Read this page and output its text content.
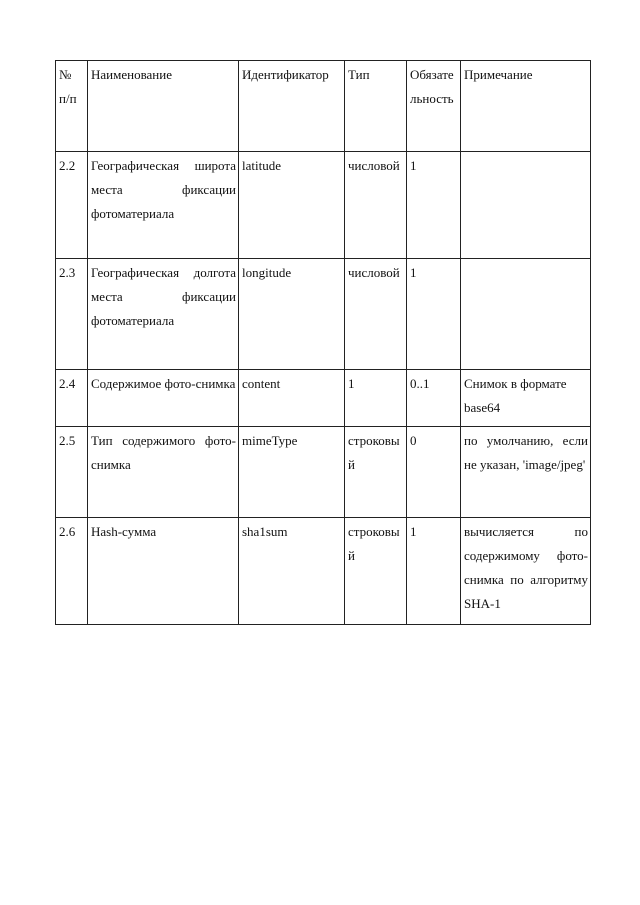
№ п/п	Наименование	Идентификатор	Тип	Обязательность	Примечание
2.2	Географическая широта места фиксации фотоматериала	latitude	числовой	1	
2.3	Географическая долгота места фиксации фотоматериала	longitude	числовой	1	
2.4	Содержимое фото-снимка	content	1	0..1	Снимок в формате base64
2.5	Тип содержимого фото-снимка	mimeType	строковый	0	по умолчанию, если не указан, 'image/jpeg'
2.6	Hash-сумма	sha1sum	строковый	1	вычисляется по содержимому фото-снимка по алгоритму SHA-1
